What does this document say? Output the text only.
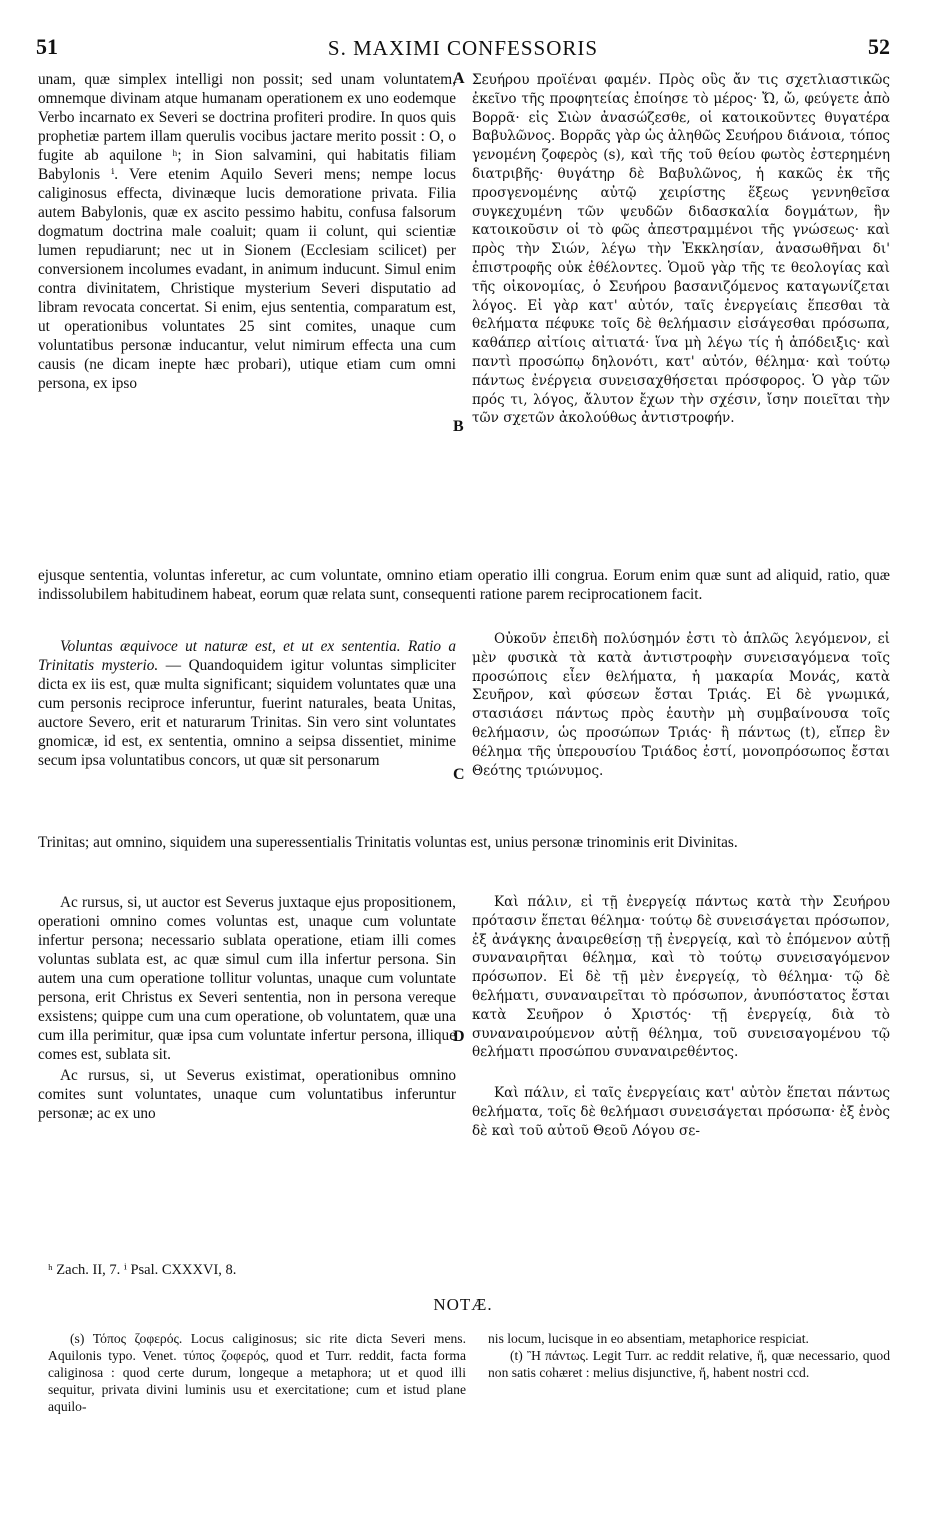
51	S. MAXIMI CONFESSORIS	52

unam, quæ simplex intelligi non possit; sed unam voluntatem, omnemque divinam atque humanam operationem ex uno eodemque Verbo incarnato ex Severi se doctrina profiteri prodire. In quos quis prophetiæ partem illam querulis vocibus jactare merito possit : O, o fugite ab aquilone ʰ; in Sion salvamini, qui habitatis filiam Babylonis ⁱ. Vere etenim Aquilo Severi mens; nempe locus caliginosus effecta, divinæque lucis demoratione privata. Filia autem Babylonis, quæ ex ascito pessimo habitu, confusa falsorum dogmatum doctrina male coaluit; quam ii colunt, qui scientiæ lumen repudiarunt; nec ut in Sionem (Ecclesiam scilicet) per conversionem incolumes evadant, in animum inducunt. Simul enim contra divinitatem, Christique mysterium Severi disputatio ad libram revocata concertat. Si enim, ejus sententia, comparatum est, ut operationibus voluntates 25 sint comites, unaque cum voluntatibus personæ inducantur, velut nimirum effecta una cum causis (ne dicam inepte hæc probari), utique etiam cum omni persona, ex ipso

A
B

Σευήρου προϊέναι φαμέν. Πρὸς οὓς ἄν τις σχετλιαστικῶς ἐκεῖνο τῆς προφητείας ἐποίησε τὸ μέρος· Ὤ, ὤ, φεύγετε ἀπὸ Βορρᾶ· εἰς Σιὼν ἀνασώζεσθε, οἱ κατοικοῦντες θυγατέρα Βαβυλῶνος. Βορρᾶς γὰρ ὡς ἀληθῶς Σευήρου διάνοια, τόπος γενομένη ζοφερὸς (s), καὶ τῆς τοῦ θείου φωτὸς ἐστερημένη διατριβῆς· θυγάτηρ δὲ Βαβυλῶνος, ἡ κακῶς ἐκ τῆς προσγενομένης αὐτῷ χειρίστης ἕξεως γεννηθεῖσα συγκεχυμένη τῶν ψευδῶν διδασκαλία δογμάτων, ἣν κατοικοῦσιν οἱ τὸ φῶς ἀπεστραμμένοι τῆς γνώσεως· καὶ πρὸς τὴν Σιών, λέγω τὴν Ἐκκλησίαν, ἀνασωθῆναι δι' ἐπιστροφῆς οὐκ ἐθέλοντες. Ὁμοῦ γὰρ τῆς τε θεολογίας καὶ τῆς οἰκονομίας, ὁ Σευήρου βασανιζόμενος καταγωνίζεται λόγος. Εἰ γὰρ κατ' αὐτόν, ταῖς ἐνεργείαις ἕπεσθαι τὰ θελήματα πέφυκε τοῖς δὲ θελήμασιν εἰσάγεσθαι πρόσωπα, καθάπερ αἰτίοις αἰτιατά· ἵνα μὴ λέγω τίς ἡ ἀπόδειξις· καὶ παντὶ προσώπῳ δηλονότι, κατ' αὐτόν, θέλημα· καὶ τούτῳ πάντως ἐνέργεια συνεισαχθήσεται πρόσφορος. Ὁ γὰρ τῶν πρός τι, λόγος, ἄλυτον ἔχων τὴν σχέσιν, ἴσην ποιεῖται τὴν τῶν σχετῶν ἀκολούθως ἀντιστροφήν.

ejusque sententia, voluntas inferetur, ac cum voluntate, omnino etiam operatio illi congrua. Eorum enim quæ sunt ad aliquid, ratio, quæ indissolubilem habitudinem habeat, eorum quæ relata sunt, consequenti ratione parem reciprocationem facit.

Voluntas æquivoce ut naturæ est, et ut ex sententia. Ratio a Trinitatis mysterio. — Quandoquidem igitur voluntas simpliciter dicta ex iis est, quæ multa significant; siquidem voluntates quæ una cum personis reciproce inferuntur, fuerint naturales, beata Unitas, auctore Severo, erit et naturarum Trinitas. Sin vero sint voluntates gnomicæ, id est, ex sententia, omnino a seipsa dissentiet, minime secum ipsa voluntatibus concors, ut quæ sit personarum

C

Οὐκοῦν ἐπειδὴ πολύσημόν ἐστι τὸ ἁπλῶς λεγόμενον, εἰ μὲν φυσικὰ τὰ κατὰ ἀντιστροφὴν συνεισαγόμενα τοῖς προσώποις εἶεν θελήματα, ἡ μακαρία Μονάς, κατὰ Σευῆρον, καὶ φύσεων ἔσται Τριάς. Εἰ δὲ γνωμικά, στασιάσει πάντως πρὸς ἑαυτὴν μὴ συμβαίνουσα τοῖς θελήμασιν, ὡς προσώπων Τριάς· ἢ πάντως (t), εἴπερ ἓν θέλημα τῆς ὑπερουσίου Τριάδος ἐστί, μονοπρόσωπος ἔσται Θεότης τριώνυμος.

Trinitas; aut omnino, siquidem una superessentialis Trinitatis voluntas est, unius personæ trinominis erit Divinitas.

Ac rursus, si, ut auctor est Severus juxtaque ejus propositionem, operationi omnino comes voluntas est, unaque cum voluntate infertur persona; necessario sublata operatione, etiam illi comes voluntas sublata est, ac quæ simul cum illa infertur persona. Sin autem una cum operatione tollitur voluntas, unaque cum voluntate persona, erit Christus ex Severi sententia, non in persona vereque exsistens; quippe cum una cum operatione, ob voluntatem, quæ una cum illa perimitur, quæ ipsa cum voluntate infertur persona, illique comes est, sublata sit.

Ac rursus, si, ut Severus existimat, operationibus omnino comites sunt voluntates, unaque cum voluntatibus inferuntur personæ; ac ex uno

D

Καὶ πάλιν, εἰ τῇ ἐνεργείᾳ πάντως κατὰ τὴν Σευήρου πρότασιν ἕπεται θέλημα· τούτῳ δὲ συνεισάγεται πρόσωπον, ἐξ ἀνάγκης ἀναιρεθείσῃ τῇ ἐνεργείᾳ, καὶ τὸ ἑπόμενον αὐτῇ συναναιρῆται θέλημα, καὶ τὸ τούτῳ συνεισαγόμενον πρόσωπον. Εἰ δὲ τῇ μὲν ἐνεργείᾳ, τὸ θέλημα· τῷ δὲ θελήματι, συναναιρεῖται τὸ πρόσωπον, ἀνυπόστατος ἔσται κατὰ Σευῆρον ὁ Χριστός· τῇ ἐνεργείᾳ, διὰ τὸ συναναιρούμενον αὐτῇ θέλημα, τοῦ συνεισαγομένου τῷ θελήματι προσώπου συναναιρεθέντος.

Καὶ πάλιν, εἰ ταῖς ἐνεργείαις κατ' αὐτὸν ἕπεται πάντως θελήματα, τοῖς δὲ θελήμασι συνεισάγεται πρόσωπα· ἐξ ἑνὸς δὲ καὶ τοῦ αὐτοῦ Θεοῦ Λόγου σε-

ʰ Zach. II, 7. ⁱ Psal. CXXXVI, 8.
NOTÆ.

(s) Τόπος ζοφερός. Locus caliginosus; sic rite dicta Severi mens. Aquilonis typo. Venet. τύπος ζοφερός, quod et Turr. reddit, facta forma caliginosa : quod certe durum, longeque a metaphora; ut et quod illi sequitur, privata divini luminis usu et exercitatione; cum et istud plane aquilo-

nis locum, lucisque in eo absentiam, metaphorice respiciat.

(t) Ἢ πάντως. Legit Turr. ac reddit relative, ἥ, quæ necessario, quod non satis cohæret : melius disjunctive, ἤ, habent nostri ccd.
